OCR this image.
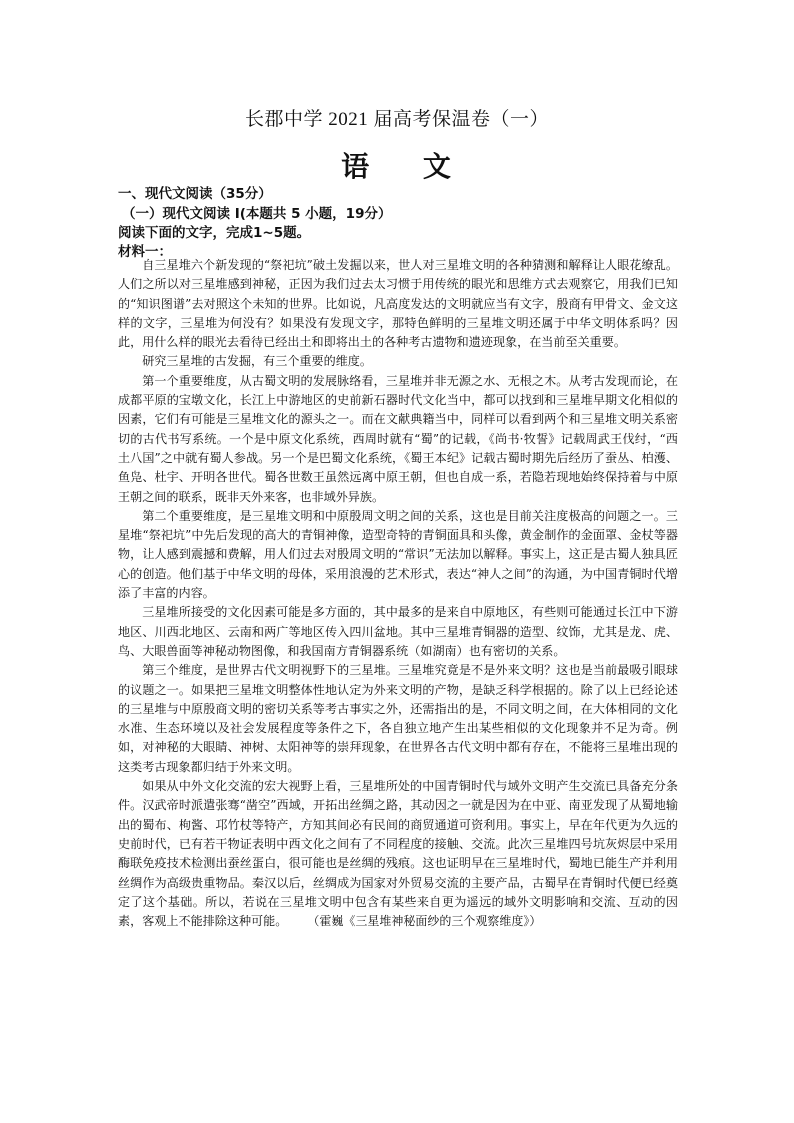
长郡中学 2021 届高考保温卷（一）
语 文
一、现代文阅读（35分）
（一）现代文阅读 I(本题共 5 小题，19分）
阅读下面的文字，完成1~5题。
材料一：

自三星堆六个新发现的“祭祀坑”破土发掘以来，世人对三星堆文明的各种猜测和解释让人眼花缭乱。人们之所以对三星堆感到神秘，正因为我们过去太习惯于用传统的眼光和思维方式去观察它，用我们已知的“知识图谱”去对照这个未知的世界。比如说，凡高度发达的文明就应当有文字，殷商有甲骨文、金文这样的文字，三星堆为何没有？如果没有发现文字，那特色鲜明的三星堆文明还属于中华文明体系吗？因此，用什么样的眼光去看待已经出土和即将出土的各种考古遗物和遗迹现象，在当前至关重要。

研究三星堆的古发掘，有三个重要的维度。

第一个重要维度，从古蜀文明的发展脉络看，三星堆并非无源之水、无根之木。从考古发现而论，在成都平原的宝墩文化，长江上中游地区的史前新石器时代文化当中，都可以找到和三星堆早期文化相似的因素，它们有可能是三星堆文化的源头之一。而在文献典籍当中，同样可以看到两个和三星堆文明关系密切的古代书写系统。一个是中原文化系统，西周时就有“蜀”的记载，《尚书·牧誓》记载周武王伐纣，“西土八国”之中就有蜀人参战。另一个是巴蜀文化系统，《蜀王本纪》记载古蜀时期先后经历了蚕丛、柏濩、鱼凫、杜宇、开明各世代。蜀各世数王虽然远离中原王朝，但也自成一系，若隐若现地始终保持着与中原王朝之间的联系，既非天外来客，也非域外异族。

第二个重要维度，是三星堆文明和中原殷周文明之间的关系，这也是目前关注度极高的问题之一。三星堆“祭祀坑”中先后发现的高大的青铜神像，造型奇特的青铜面具和头像，黄金制作的金面罩、金杖等器物，让人感到震撼和费解，用人们过去对殷周文明的“常识”无法加以解释。事实上，这正是古蜀人独具匠心的创造。他们基于中华文明的母体，采用浪漫的艺术形式，表达“神人之间”的沟通，为中国青铜时代增添了丰富的内容。

三星堆所接受的文化因素可能是多方面的，其中最多的是来自中原地区，有些则可能通过长江中下游地区、川西北地区、云南和两广等地区传入四川盆地。其中三星堆青铜器的造型、纹饰，尤其是龙、虎、鸟、大眼兽面等神秘动物图像，和我国南方青铜器系统（如湖南）也有密切的关系。

第三个维度，是世界古代文明视野下的三星堆。三星堆究竟是不是外来文明？这也是当前最吸引眼球的议题之一。如果把三星堆文明整体性地认定为外来文明的产物，是缺乏科学根据的。除了以上已经论述的三星堆与中原殷商文明的密切关系等考古事实之外，还需指出的是，不同文明之间，在大体相同的文化水准、生态环境以及社会发展程度等条件之下，各自独立地产生出某些相似的文化现象并不足为奇。例如，对神秘的大眼睛、神树、太阳神等的崇拜现象，在世界各古代文明中都有存在，不能将三星堆出现的这类考古现象都归结于外来文明。

如果从中外文化交流的宏大视野上看，三星堆所处的中国青铜时代与域外文明产生交流已具备充分条件。汉武帝时派遣张骞“凿空”西域，开拓出丝绸之路，其动因之一就是因为在中亚、南亚发现了从蜀地输出的蜀布、枸酱、邛竹杖等特产，方知其间必有民间的商贸通道可资利用。事实上，早在年代更为久远的史前时代，已有若干物证表明中西文化之间有了不同程度的接触、交流。此次三星堆四号坑灰烬层中采用酶联免疫技术检测出蚕丝蛋白，很可能也是丝绸的残痕。这也证明早在三星堆时代，蜀地已能生产并利用丝绸作为高级贵重物品。秦汉以后，丝绸成为国家对外贸易交流的主要产品，古蜀早在青铜时代便已经奠定了这个基础。所以，若说在三星堆文明中包含有某些来自更为遥远的域外文明影响和交流、互动的因素，客观上不能排除这种可能。 （霍巍《三星堆神秘面纱的三个观察维度》）
